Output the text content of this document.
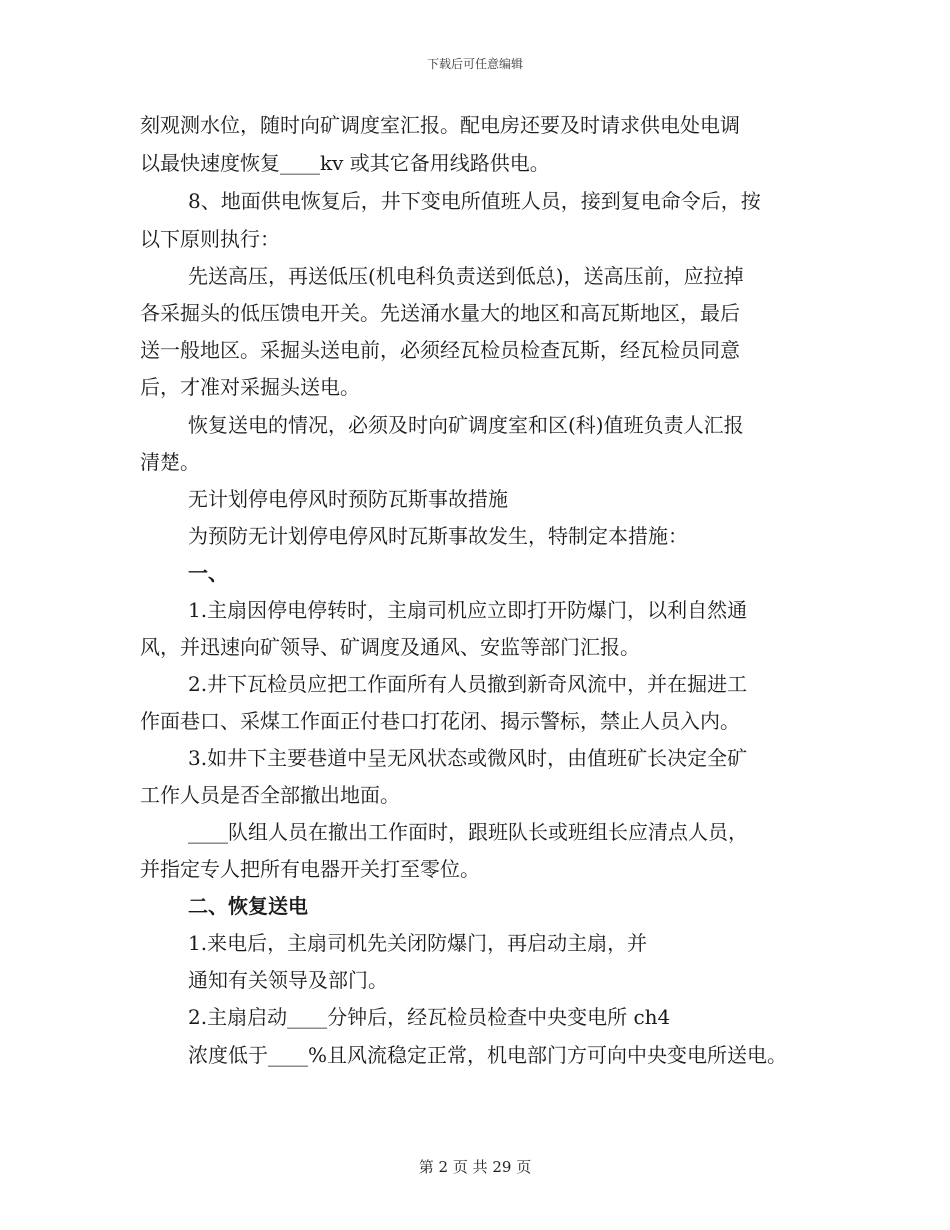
下载后可任意编辑
刻观测水位，随时向矿调度室汇报。配电房还要及时请求供电处电调
以最快速度恢复____kv 或其它备用线路供电。
8、地面供电恢复后，井下变电所值班人员，接到复电命令后，按
以下原则执行：
先送高压，再送低压(机电科负责送到低总)，送高压前，应拉掉
各采掘头的低压馈电开关。先送涌水量大的地区和高瓦斯地区，最后
送一般地区。采掘头送电前，必须经瓦检员检查瓦斯，经瓦检员同意
后，才准对采掘头送电。
恢复送电的情况，必须及时向矿调度室和区(科)值班负责人汇报
清楚。
无计划停电停风时预防瓦斯事故措施
为预防无计划停电停风时瓦斯事故发生，特制定本措施：
一、
1.主扇因停电停转时，主扇司机应立即打开防爆门，以利自然通
风，并迅速向矿领导、矿调度及通风、安监等部门汇报。
2.井下瓦检员应把工作面所有人员撤到新奇风流中，并在掘进工
作面巷口、采煤工作面正付巷口打花闭、揭示警标，禁止人员入内。
3.如井下主要巷道中呈无风状态或微风时，由值班矿长决定全矿
工作人员是否全部撤出地面。
____队组人员在撤出工作面时，跟班队长或班组长应清点人员，
并指定专人把所有电器开关打至零位。
二、恢复送电
1.来电后，主扇司机先关闭防爆门，再启动主扇，并
通知有关领导及部门。
2.主扇启动____分钟后，经瓦检员检查中央变电所 ch4
浓度低于____%且风流稳定正常，机电部门方可向中央变电所送电。
第 2 页 共 29 页
